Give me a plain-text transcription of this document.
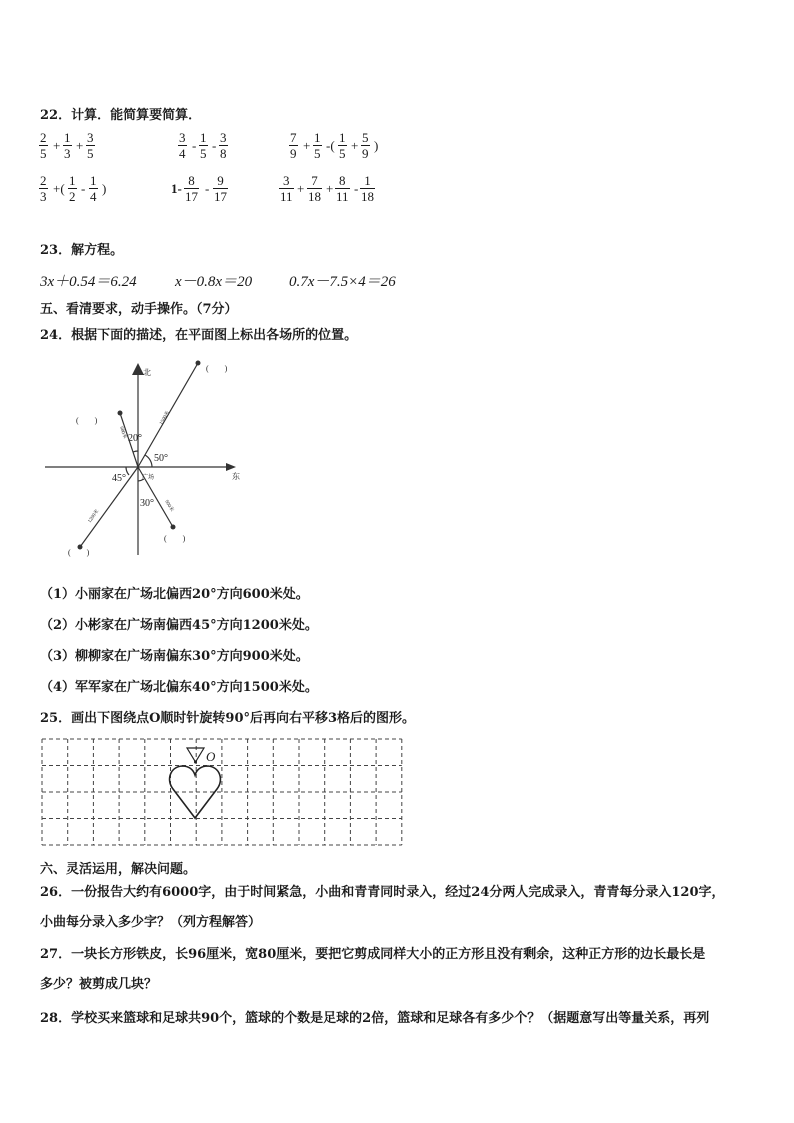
22．计算．能简算要简算．
$\frac{2}{5} + \frac{1}{3} + \frac{3}{5}$	$\frac{3}{4} - \frac{1}{5} - \frac{3}{8}$	$\frac{7}{9} + \frac{1}{5}$ -( $\frac{1}{5} + \frac{5}{9}$ )
$\frac{2}{3}$ +( $\frac{1}{2} - \frac{1}{4}$ )	$1- \frac{8}{17} - \frac{9}{17}$	$\frac{3}{11} + \frac{7}{18} + \frac{8}{11} - \frac{1}{18}$
23．解方程。
3x＋0.54＝6.24	x－0.8x＝20 0.7x－7.5×4＝26
五、看清要求，动手操作。（7分）
24．根据下面的描述，在平面图上标出各场所的位置。
北
东
广场
20°
50°
45°
30°
1500米
600米
1200米
900米
(　　)
(　　)
(　　)
(　　)
（1）小丽家在广场北偏西20°方向600米处。
（2）小彬家在广场南偏西45°方向1200米处。
（3）柳柳家在广场南偏东30°方向900米处。
（4）军军家在广场北偏东40°方向1500米处。
25．画出下图绕点O顺时针旋转90°后再向右平移3格后的图形。
O
六、灵活运用，解决问题。
26．一份报告大约有6000字，由于时间紧急，小曲和青青同时录入，经过24分两人完成录入，青青每分录入120字，
小曲每分录入多少字？（列方程解答）
27．一块长方形铁皮，长96厘米，宽80厘米，要把它剪成同样大小的正方形且没有剩余，这种正方形的边长最长是
多少？被剪成几块？
28．学校买来篮球和足球共90个，篮球的个数是足球的2倍，篮球和足球各有多少个？（据题意写出等量关系，再列
